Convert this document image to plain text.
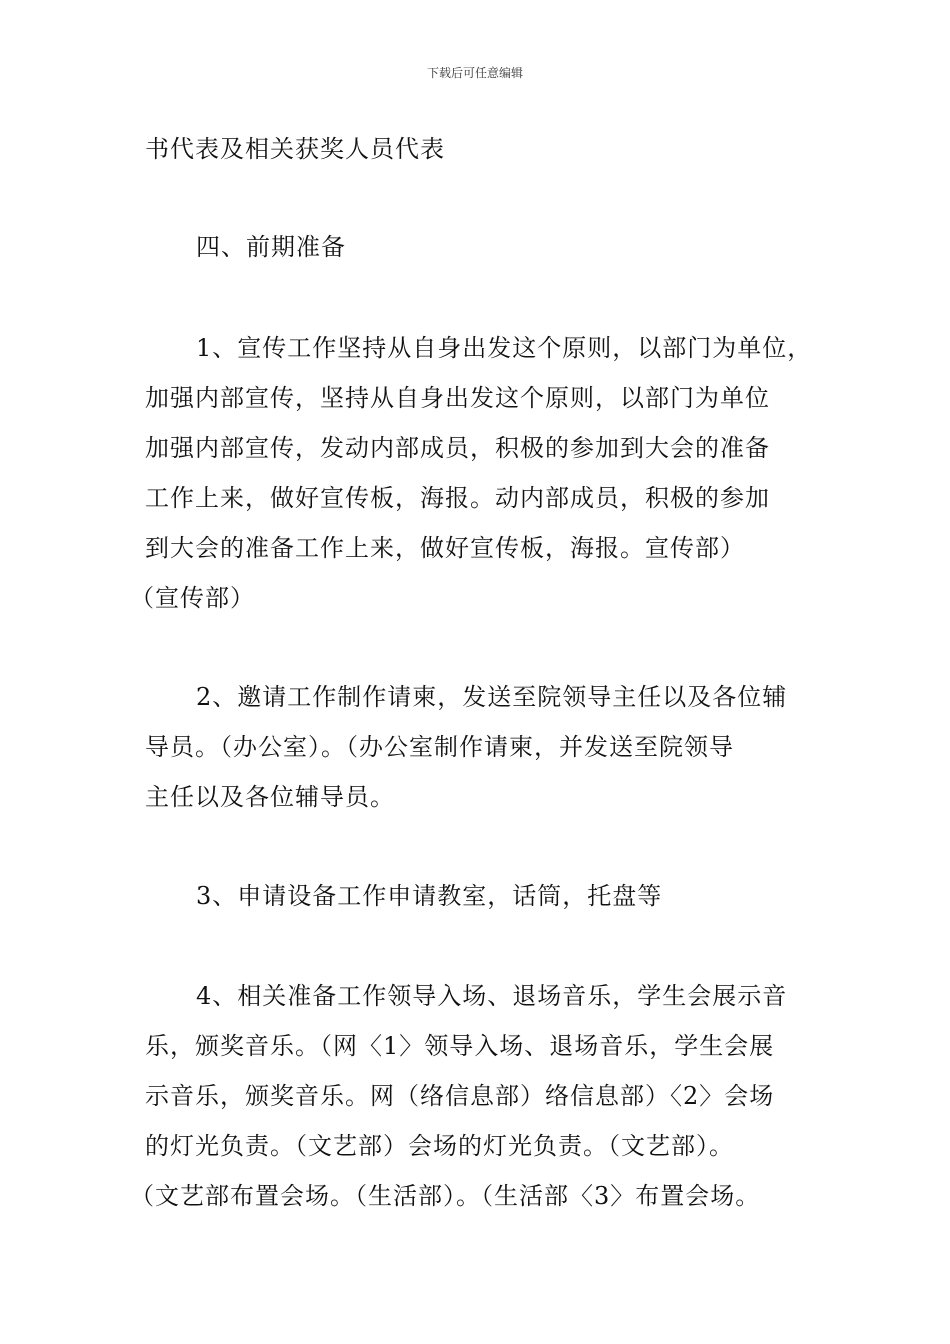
下载后可任意编辑
书代表及相关获奖人员代表
四、前期准备
1、宣传工作坚持从自身出发这个原则，以部门为单位，
加强内部宣传，坚持从自身出发这个原则，以部门为单位
加强内部宣传，发动内部成员，积极的参加到大会的准备
工作上来，做好宣传板，海报。动内部成员，积极的参加
到大会的准备工作上来，做好宣传板，海报。宣传部）
（宣传部）
2、邀请工作制作请柬，发送至院领导主任以及各位辅
导员。（办公室）。（办公室制作请柬，并发送至院领导
主任以及各位辅导员。
3、申请设备工作申请教室，话筒，托盘等
4、相关准备工作领导入场、退场音乐，学生会展示音
乐，颁奖音乐。（网〈1〉领导入场、退场音乐，学生会展
示音乐，颁奖音乐。网（络信息部）络信息部）〈2〉会场
的灯光负责。（文艺部）会场的灯光负责。（文艺部）。
（文艺部布置会场。（生活部）。（生活部〈3〉布置会场。
